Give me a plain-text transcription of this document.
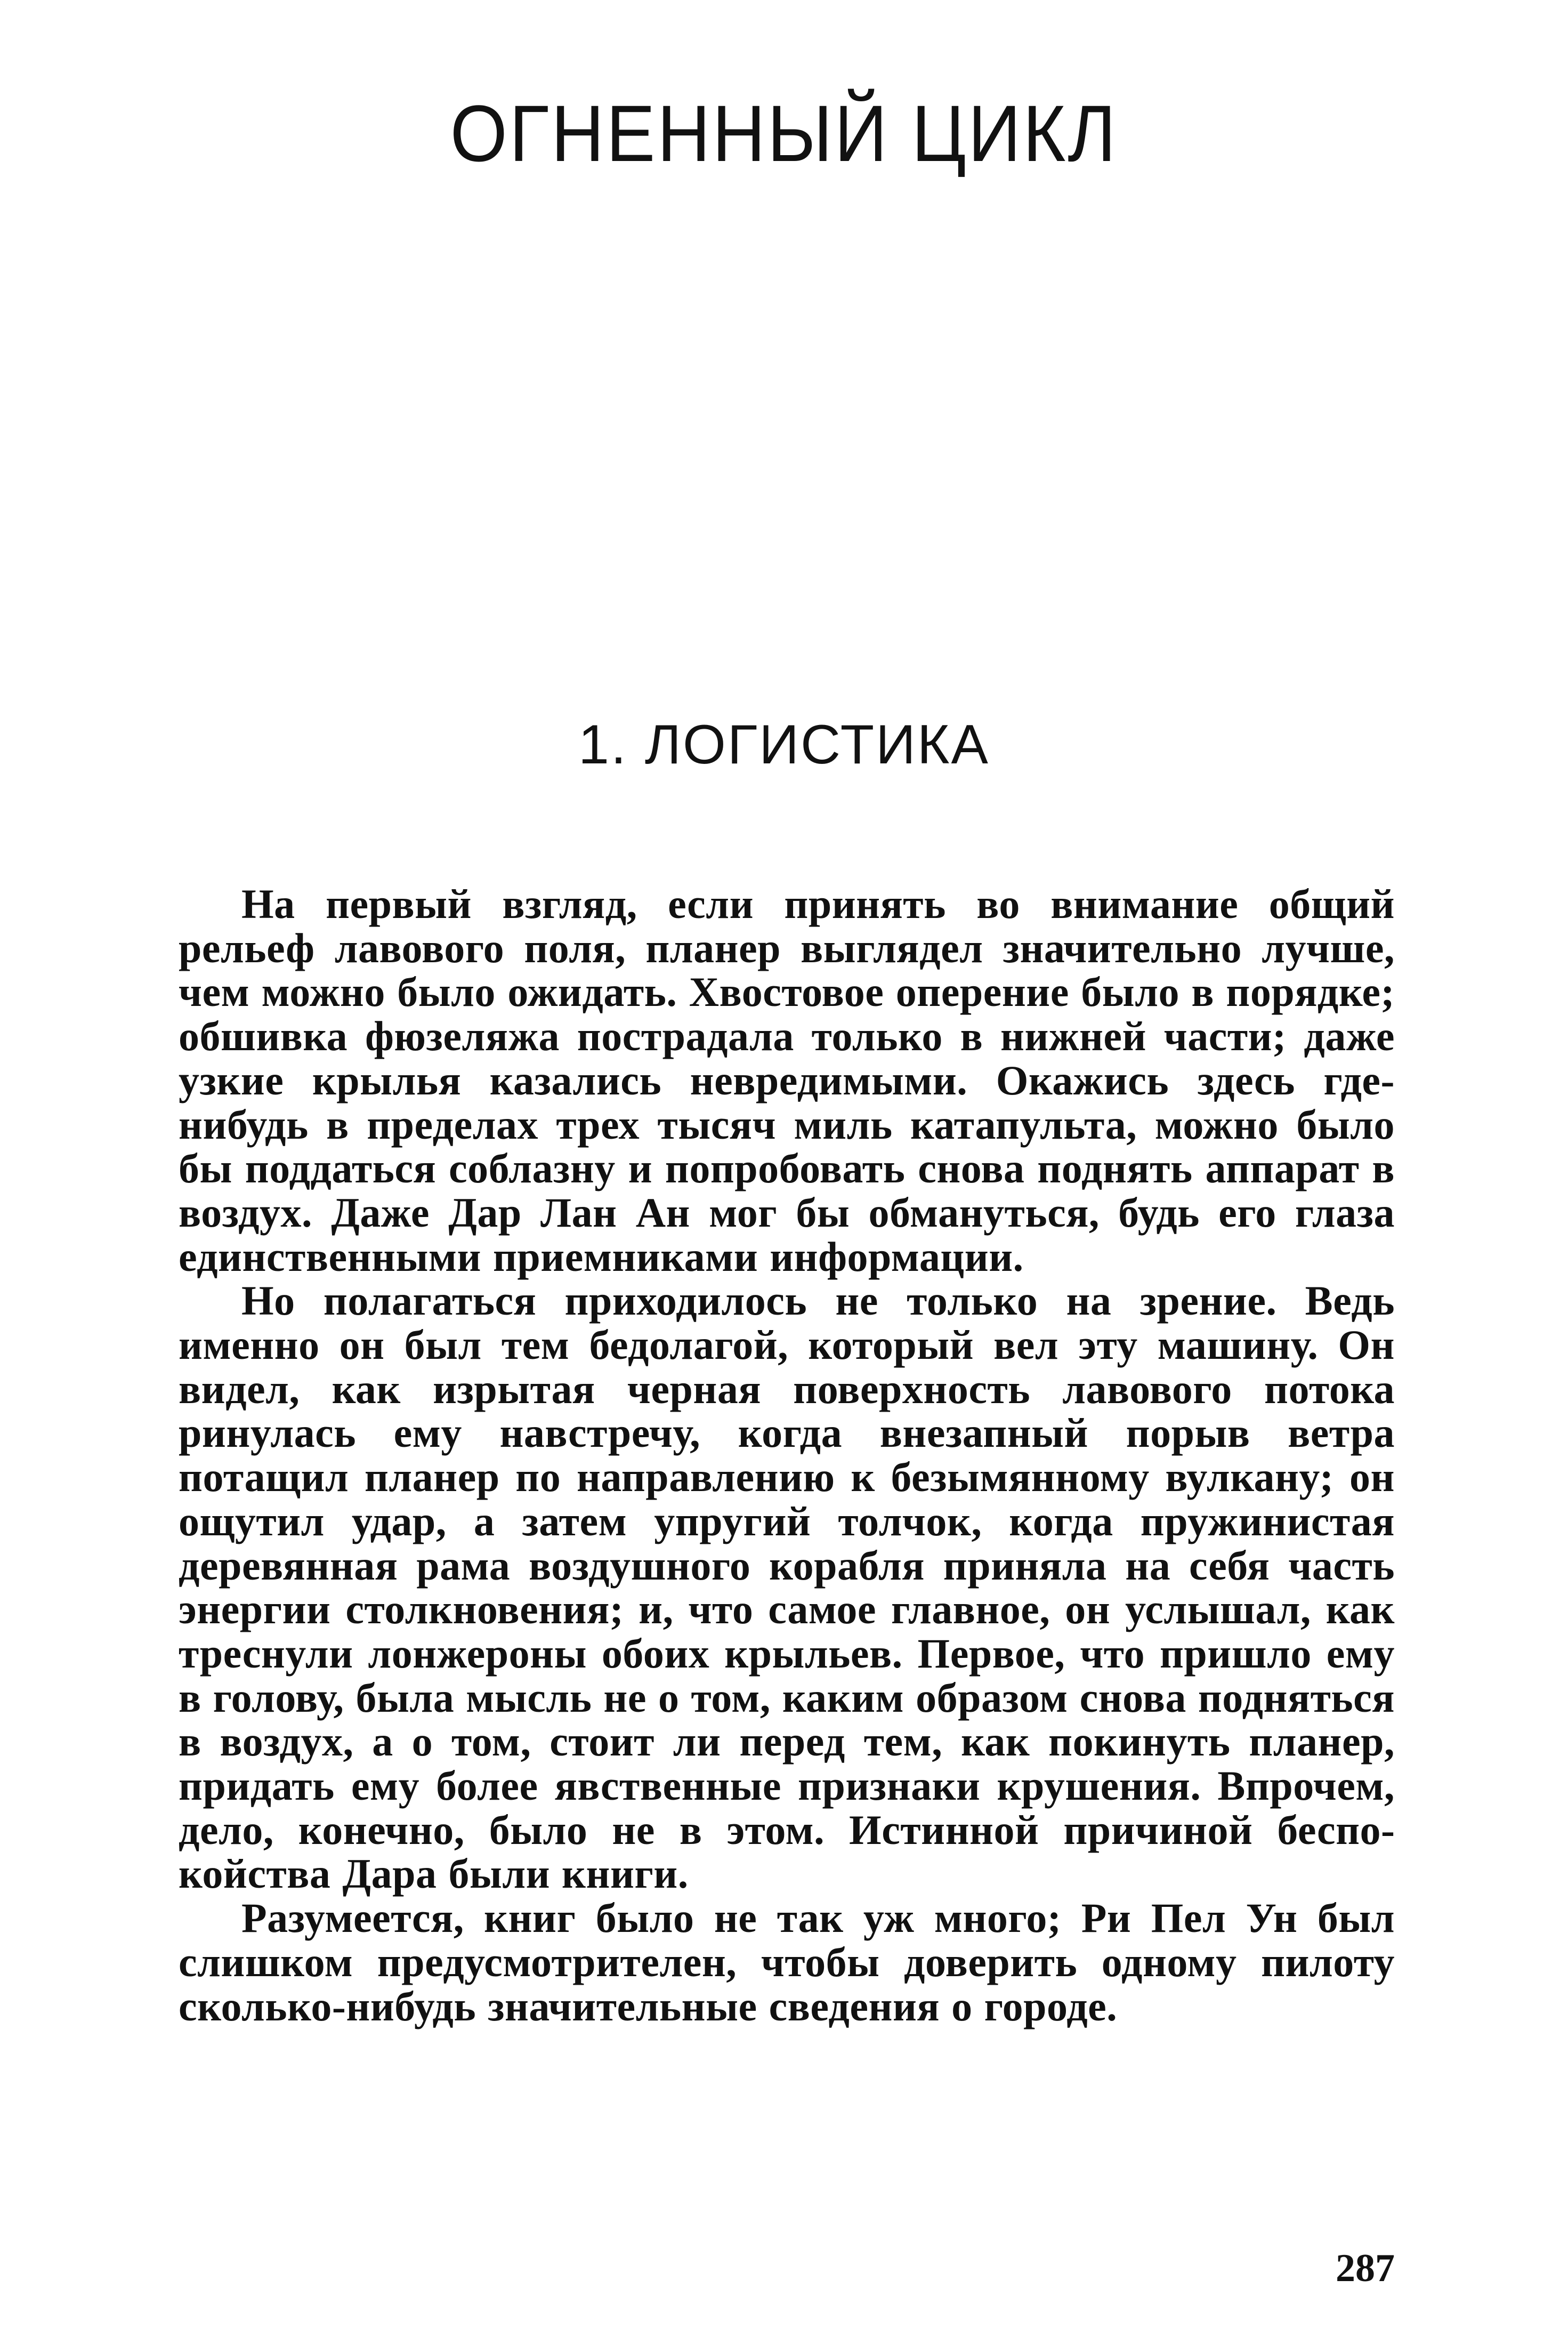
ОГНЕННЫЙ ЦИКЛ
1. ЛОГИСТИКА

На первый взгляд, если принять во внимание общий рельеф лавового поля, планер выглядел значительно лучше, чем можно было ожидать. Хвостовое оперение было в порядке; обшивка фюзеляжа пострадала только в нижней части; даже узкие крылья казались невредимыми. Окажись здесь где-нибудь в пределах трех тысяч миль катапульта, можно было бы поддаться соблазну и попробовать снова поднять аппарат в воздух. Даже Дар Лан Ан мог бы обмануться, будь его глаза единственными приемниками информации.

Но полагаться приходилось не только на зрение. Ведь именно он был тем бедолагой, который вел эту машину. Он видел, как изрытая черная поверхность лавового потока ринулась ему навстречу, когда внезапный порыв ветра потащил планер по направлению к безымянному вулкану; он ощутил удар, а затем упругий толчок, когда пружинистая деревянная рама воздушного корабля приняла на себя часть энергии столкновения; и, что самое главное, он услышал, как треснули лонжероны обоих крыльев. Первое, что пришло ему в голову, была мысль не о том, каким образом снова подняться в воздух, а о том, стоит ли перед тем, как покинуть планер, придать ему более явственные признаки крушения. Впрочем, дело, конечно, было не в этом. Истинной причиной беспокойства Дара были книги.

Разумеется, книг было не так уж много; Ри Пел Ун был слишком предусмотрителен, чтобы доверить одному пилоту сколько-нибудь значительные сведения о городе.

287
